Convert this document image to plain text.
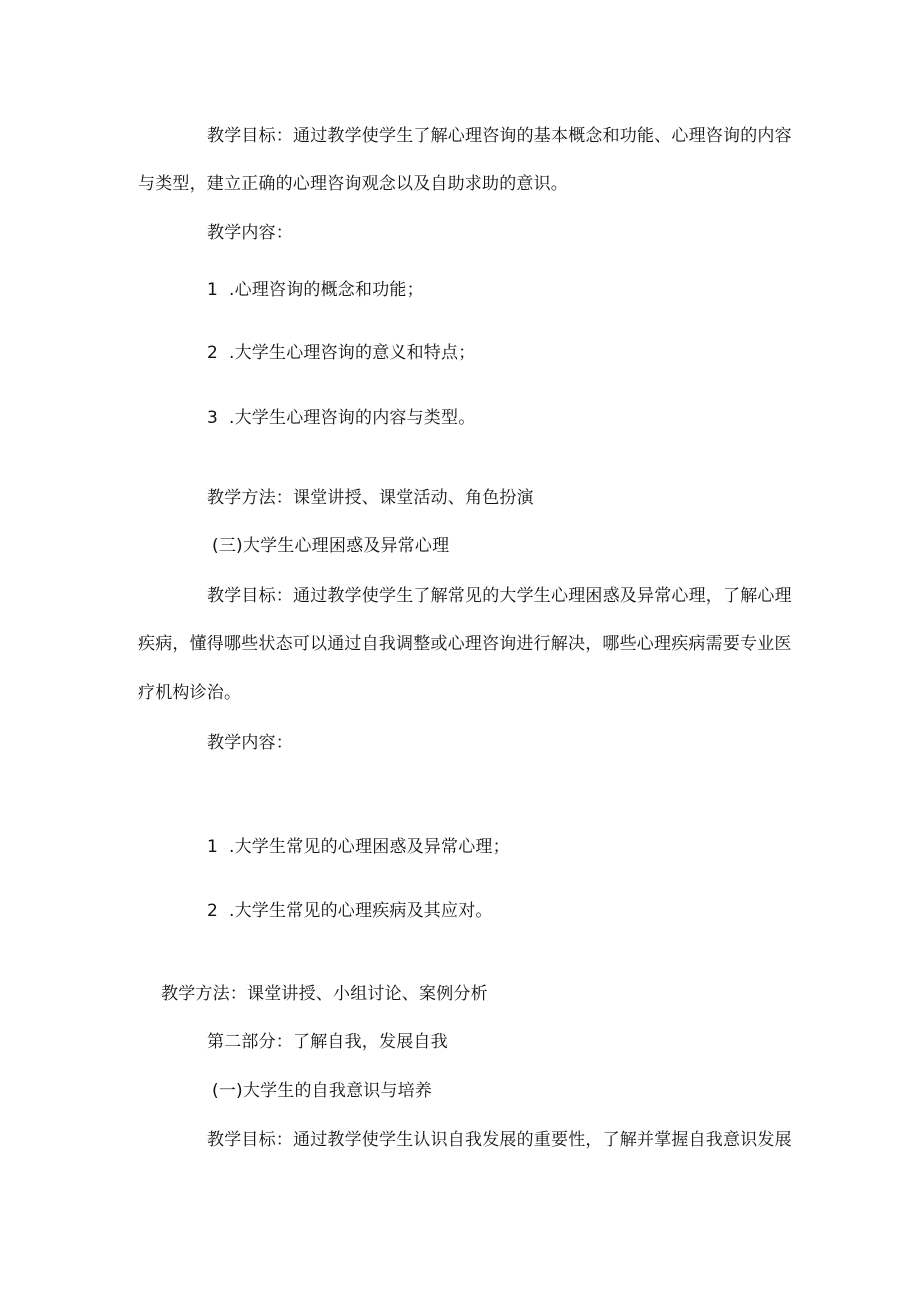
教学目标：通过教学使学生了解心理咨询的基本概念和功能、心理咨询的内容
与类型，建立正确的心理咨询观念以及自助求助的意识。
教学内容：
1 .心理咨询的概念和功能；
2 .大学生心理咨询的意义和特点；
3 .大学生心理咨询的内容与类型。
教学方法：课堂讲授、课堂活动、角色扮演
(三)大学生心理困惑及异常心理
教学目标：通过教学使学生了解常见的大学生心理困惑及异常心理，了解心理
疾病，懂得哪些状态可以通过自我调整或心理咨询进行解决，哪些心理疾病需要专业医
疗机构诊治。
教学内容：
1 .大学生常见的心理困惑及异常心理；
2 .大学生常见的心理疾病及其应对。
教学方法：课堂讲授、小组讨论、案例分析
第二部分：了解自我，发展自我
(一)大学生的自我意识与培养
教学目标：通过教学使学生认识自我发展的重要性，了解并掌握自我意识发展
